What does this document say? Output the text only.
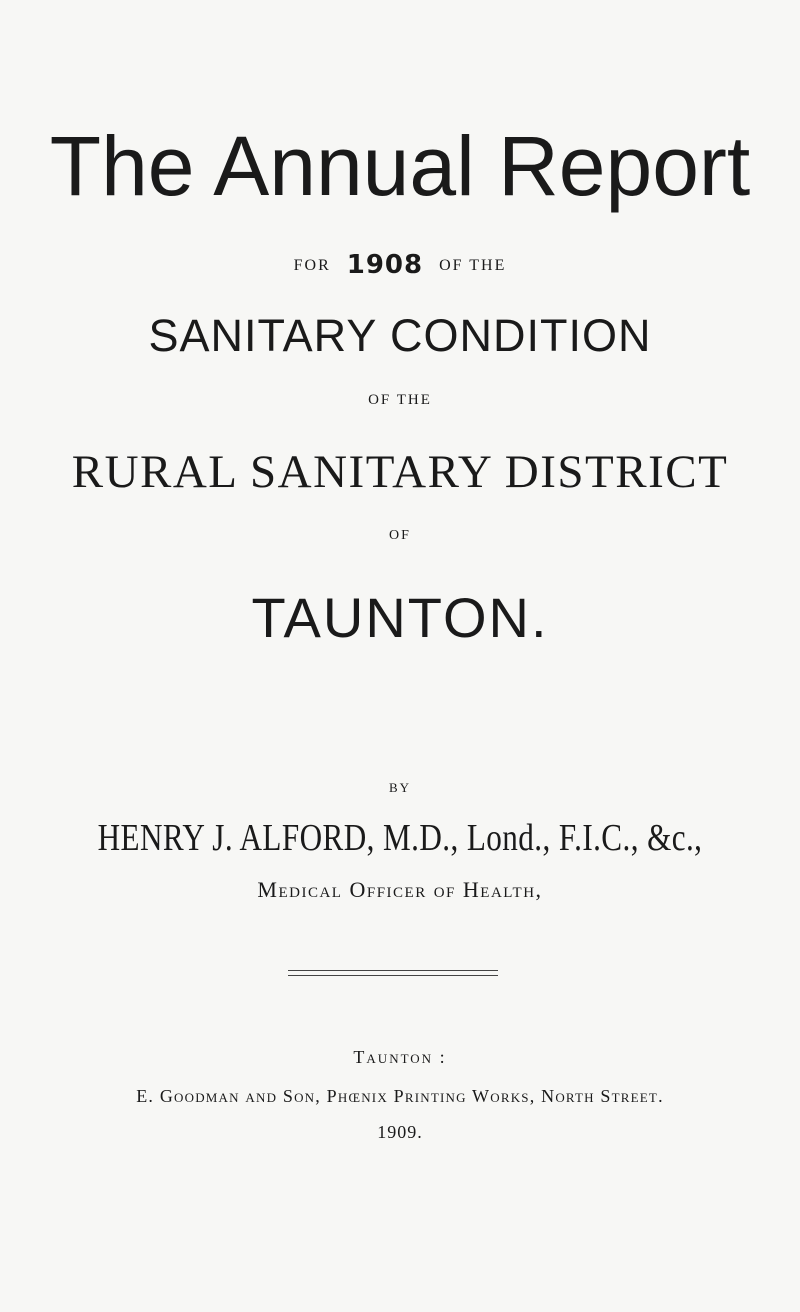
The Annual Report
FOR 1908 OF THE
SANITARY CONDITION
OF THE
RURAL SANITARY DISTRICT
OF
TAUNTON.
BY
HENRY J. ALFORD, M.D., Lond., F.I.C., &c.,
Medical Officer of Health,
Taunton :
E. Goodman and Son, Phœnix Printing Works, North Street.
1909.
